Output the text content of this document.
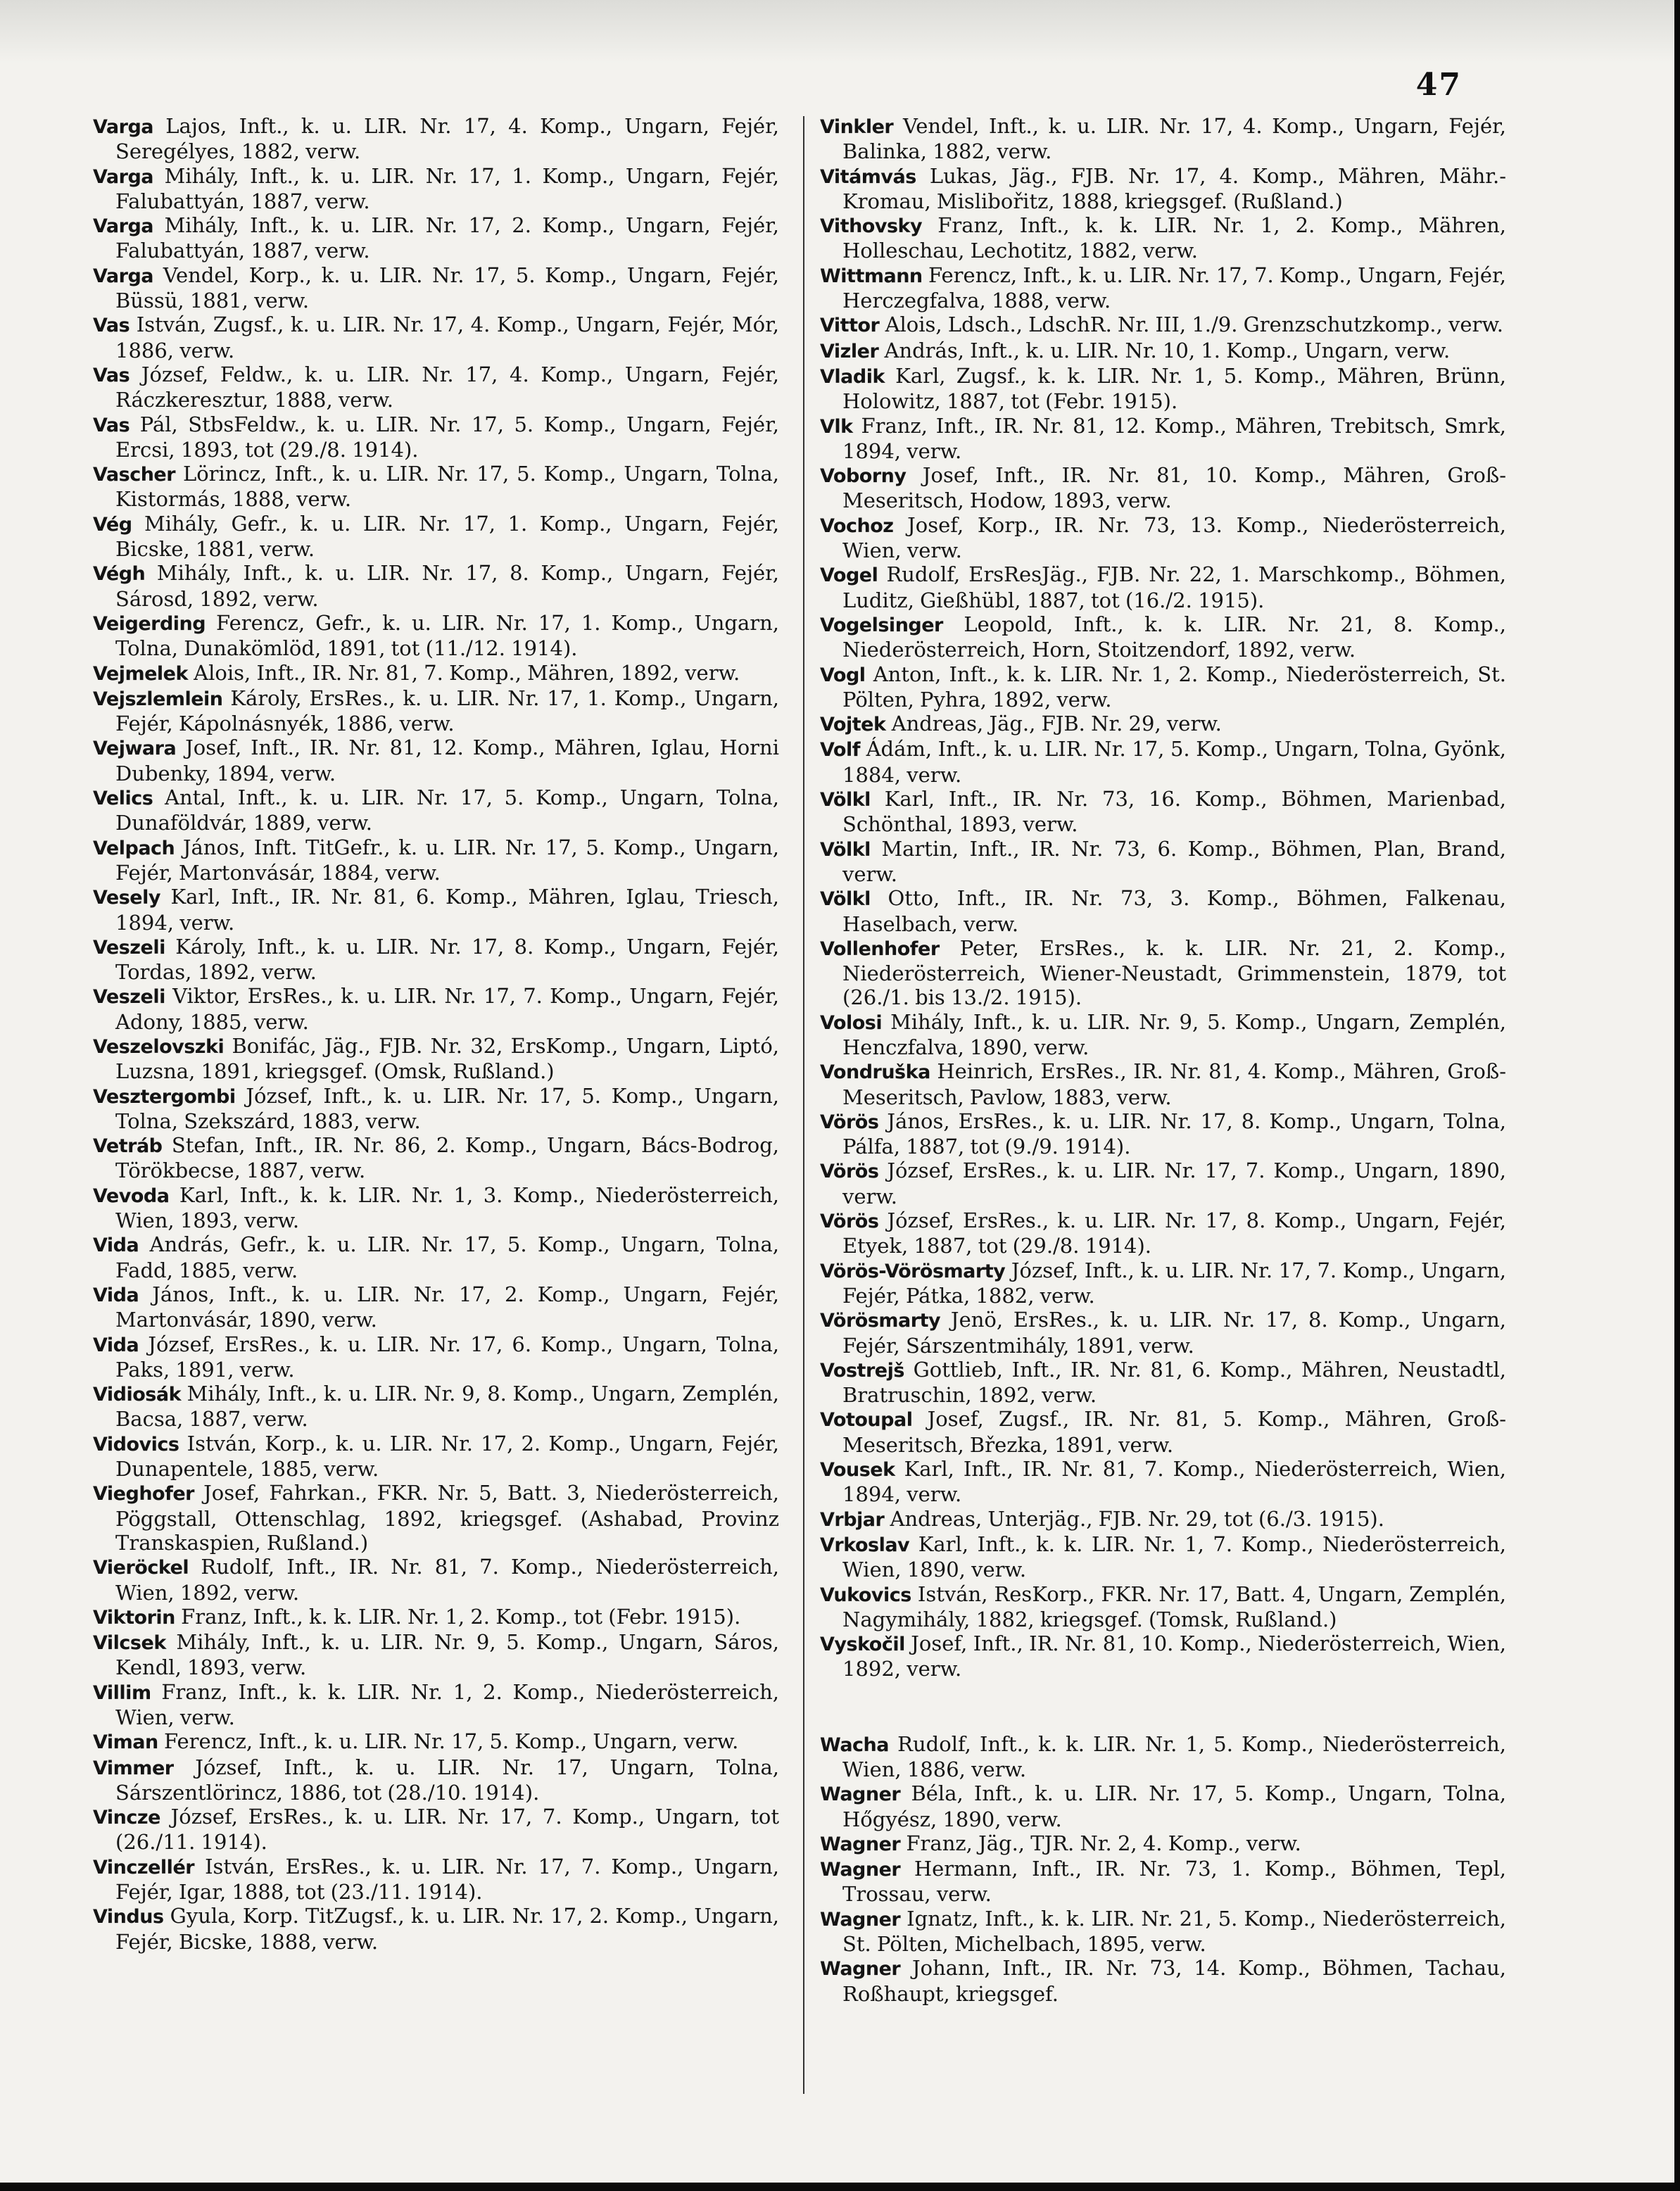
47

Varga Lajos, Inft., k. u. LIR. Nr. 17, 4. Komp., Ungarn, Fejér, Seregélyes, 1882, verw.

Varga Mihály, Inft., k. u. LIR. Nr. 17, 1. Komp., Ungarn, Fejér, Falubattyán, 1887, verw.

Varga Mihály, Inft., k. u. LIR. Nr. 17, 2. Komp., Ungarn, Fejér, Falubattyán, 1887, verw.

Varga Vendel, Korp., k. u. LIR. Nr. 17, 5. Komp., Ungarn, Fejér, Büssü, 1881, verw.

Vas István, Zugsf., k. u. LIR. Nr. 17, 4. Komp., Ungarn, Fejér, Mór, 1886, verw.

Vas József, Feldw., k. u. LIR. Nr. 17, 4. Komp., Ungarn, Fejér, Ráczkeresztur, 1888, verw.

Vas Pál, StbsFeldw., k. u. LIR. Nr. 17, 5. Komp., Ungarn, Fejér, Ercsi, 1893, tot (29./8. 1914).

Vascher Lörincz, Inft., k. u. LIR. Nr. 17, 5. Komp., Ungarn, Tolna, Kistormás, 1888, verw.

Vég Mihály, Gefr., k. u. LIR. Nr. 17, 1. Komp., Ungarn, Fejér, Bicske, 1881, verw.

Végh Mihály, Inft., k. u. LIR. Nr. 17, 8. Komp., Ungarn, Fejér, Sárosd, 1892, verw.

Veigerding Ferencz, Gefr., k. u. LIR. Nr. 17, 1. Komp., Ungarn, Tolna, Dunakömlöd, 1891, tot (11./12. 1914).

Vejmelek Alois, Inft., IR. Nr. 81, 7. Komp., Mähren, 1892, verw.

Vejszlemlein Károly, ErsRes., k. u. LIR. Nr. 17, 1. Komp., Ungarn, Fejér, Kápolnásnyék, 1886, verw.

Vejwara Josef, Inft., IR. Nr. 81, 12. Komp., Mähren, Iglau, Horni Dubenky, 1894, verw.

Velics Antal, Inft., k. u. LIR. Nr. 17, 5. Komp., Ungarn, Tolna, Dunaföldvár, 1889, verw.

Velpach János, Inft. TitGefr., k. u. LIR. Nr. 17, 5. Komp., Ungarn, Fejér, Martonvásár, 1884, verw.

Vesely Karl, Inft., IR. Nr. 81, 6. Komp., Mähren, Iglau, Triesch, 1894, verw.

Veszeli Károly, Inft., k. u. LIR. Nr. 17, 8. Komp., Ungarn, Fejér, Tordas, 1892, verw.

Veszeli Viktor, ErsRes., k. u. LIR. Nr. 17, 7. Komp., Ungarn, Fejér, Adony, 1885, verw.

Veszelovszki Bonifác, Jäg., FJB. Nr. 32, ErsKomp., Ungarn, Liptó, Luzsna, 1891, kriegsgef. (Omsk, Rußland.)

Vesztergombi József, Inft., k. u. LIR. Nr. 17, 5. Komp., Ungarn, Tolna, Szekszárd, 1883, verw.

Vetráb Stefan, Inft., IR. Nr. 86, 2. Komp., Ungarn, Bács-Bodrog, Törökbecse, 1887, verw.

Vevoda Karl, Inft., k. k. LIR. Nr. 1, 3. Komp., Niederösterreich, Wien, 1893, verw.

Vida András, Gefr., k. u. LIR. Nr. 17, 5. Komp., Ungarn, Tolna, Fadd, 1885, verw.

Vida János, Inft., k. u. LIR. Nr. 17, 2. Komp., Ungarn, Fejér, Martonvásár, 1890, verw.

Vida József, ErsRes., k. u. LIR. Nr. 17, 6. Komp., Ungarn, Tolna, Paks, 1891, verw.

Vidiosák Mihály, Inft., k. u. LIR. Nr. 9, 8. Komp., Ungarn, Zemplén, Bacsa, 1887, verw.

Vidovics István, Korp., k. u. LIR. Nr. 17, 2. Komp., Ungarn, Fejér, Dunapentele, 1885, verw.

Vieghofer Josef, Fahrkan., FKR. Nr. 5, Batt. 3, Niederösterreich, Pöggstall, Ottenschlag, 1892, kriegsgef. (Ashabad, Provinz Transkaspien, Rußland.)

Vieröckel Rudolf, Inft., IR. Nr. 81, 7. Komp., Niederösterreich, Wien, 1892, verw.

Viktorin Franz, Inft., k. k. LIR. Nr. 1, 2. Komp., tot (Febr. 1915).

Vilcsek Mihály, Inft., k. u. LIR. Nr. 9, 5. Komp., Ungarn, Sáros, Kendl, 1893, verw.

Villim Franz, Inft., k. k. LIR. Nr. 1, 2. Komp., Niederösterreich, Wien, verw.

Viman Ferencz, Inft., k. u. LIR. Nr. 17, 5. Komp., Ungarn, verw.

Vimmer József, Inft., k. u. LIR. Nr. 17, Ungarn, Tolna, Sárszentlörincz, 1886, tot (28./10. 1914).

Vincze József, ErsRes., k. u. LIR. Nr. 17, 7. Komp., Ungarn, tot (26./11. 1914).

Vinczellér István, ErsRes., k. u. LIR. Nr. 17, 7. Komp., Ungarn, Fejér, Igar, 1888, tot (23./11. 1914).

Vindus Gyula, Korp. TitZugsf., k. u. LIR. Nr. 17, 2. Komp., Ungarn, Fejér, Bicske, 1888, verw.

Vinkler Vendel, Inft., k. u. LIR. Nr. 17, 4. Komp., Ungarn, Fejér, Balinka, 1882, verw.

Vitámvás Lukas, Jäg., FJB. Nr. 17, 4. Komp., Mähren, Mähr.-Kromau, Mislibořitz, 1888, kriegsgef. (Rußland.)

Vithovsky Franz, Inft., k. k. LIR. Nr. 1, 2. Komp., Mähren, Holleschau, Lechotitz, 1882, verw.

Wittmann Ferencz, Inft., k. u. LIR. Nr. 17, 7. Komp., Ungarn, Fejér, Herczegfalva, 1888, verw.

Vittor Alois, Ldsch., LdschR. Nr. III, 1./9. Grenzschutzkomp., verw.

Vizler András, Inft., k. u. LIR. Nr. 10, 1. Komp., Ungarn, verw.

Vladik Karl, Zugsf., k. k. LIR. Nr. 1, 5. Komp., Mähren, Brünn, Holowitz, 1887, tot (Febr. 1915).

Vlk Franz, Inft., IR. Nr. 81, 12. Komp., Mähren, Trebitsch, Smrk, 1894, verw.

Voborny Josef, Inft., IR. Nr. 81, 10. Komp., Mähren, Groß-Meseritsch, Hodow, 1893, verw.

Vochoz Josef, Korp., IR. Nr. 73, 13. Komp., Niederösterreich, Wien, verw.

Vogel Rudolf, ErsResJäg., FJB. Nr. 22, 1. Marschkomp., Böhmen, Luditz, Gießhübl, 1887, tot (16./2. 1915).

Vogelsinger Leopold, Inft., k. k. LIR. Nr. 21, 8. Komp., Niederösterreich, Horn, Stoitzendorf, 1892, verw.

Vogl Anton, Inft., k. k. LIR. Nr. 1, 2. Komp., Niederösterreich, St. Pölten, Pyhra, 1892, verw.

Vojtek Andreas, Jäg., FJB. Nr. 29, verw.

Volf Ádám, Inft., k. u. LIR. Nr. 17, 5. Komp., Ungarn, Tolna, Gyönk, 1884, verw.

Völkl Karl, Inft., IR. Nr. 73, 16. Komp., Böhmen, Marienbad, Schönthal, 1893, verw.

Völkl Martin, Inft., IR. Nr. 73, 6. Komp., Böhmen, Plan, Brand, verw.

Völkl Otto, Inft., IR. Nr. 73, 3. Komp., Böhmen, Falkenau, Haselbach, verw.

Vollenhofer Peter, ErsRes., k. k. LIR. Nr. 21, 2. Komp., Niederösterreich, Wiener-Neustadt, Grimmenstein, 1879, tot (26./1. bis 13./2. 1915).

Volosi Mihály, Inft., k. u. LIR. Nr. 9, 5. Komp., Ungarn, Zemplén, Henczfalva, 1890, verw.

Vondruška Heinrich, ErsRes., IR. Nr. 81, 4. Komp., Mähren, Groß-Meseritsch, Pavlow, 1883, verw.

Vörös János, ErsRes., k. u. LIR. Nr. 17, 8. Komp., Ungarn, Tolna, Pálfa, 1887, tot (9./9. 1914).

Vörös József, ErsRes., k. u. LIR. Nr. 17, 7. Komp., Ungarn, 1890, verw.

Vörös József, ErsRes., k. u. LIR. Nr. 17, 8. Komp., Ungarn, Fejér, Etyek, 1887, tot (29./8. 1914).

Vörös-Vörösmarty József, Inft., k. u. LIR. Nr. 17, 7. Komp., Ungarn, Fejér, Pátka, 1882, verw.

Vörösmarty Jenö, ErsRes., k. u. LIR. Nr. 17, 8. Komp., Ungarn, Fejér, Sárszentmihály, 1891, verw.

Vostrejš Gottlieb, Inft., IR. Nr. 81, 6. Komp., Mähren, Neustadtl, Bratruschin, 1892, verw.

Votoupal Josef, Zugsf., IR. Nr. 81, 5. Komp., Mähren, Groß-Meseritsch, Březka, 1891, verw.

Vousek Karl, Inft., IR. Nr. 81, 7. Komp., Niederösterreich, Wien, 1894, verw.

Vrbjar Andreas, Unterjäg., FJB. Nr. 29, tot (6./3. 1915).

Vrkoslav Karl, Inft., k. k. LIR. Nr. 1, 7. Komp., Niederösterreich, Wien, 1890, verw.

Vukovics István, ResKorp., FKR. Nr. 17, Batt. 4, Ungarn, Zemplén, Nagymihály, 1882, kriegsgef. (Tomsk, Rußland.)

Vyskočil Josef, Inft., IR. Nr. 81, 10. Komp., Niederösterreich, Wien, 1892, verw.

Wacha Rudolf, Inft., k. k. LIR. Nr. 1, 5. Komp., Niederösterreich, Wien, 1886, verw.

Wagner Béla, Inft., k. u. LIR. Nr. 17, 5. Komp., Ungarn, Tolna, Hőgyész, 1890, verw.

Wagner Franz, Jäg., TJR. Nr. 2, 4. Komp., verw.

Wagner Hermann, Inft., IR. Nr. 73, 1. Komp., Böhmen, Tepl, Trossau, verw.

Wagner Ignatz, Inft., k. k. LIR. Nr. 21, 5. Komp., Niederösterreich, St. Pölten, Michelbach, 1895, verw.

Wagner Johann, Inft., IR. Nr. 73, 14. Komp., Böhmen, Tachau, Roßhaupt, kriegsgef.
